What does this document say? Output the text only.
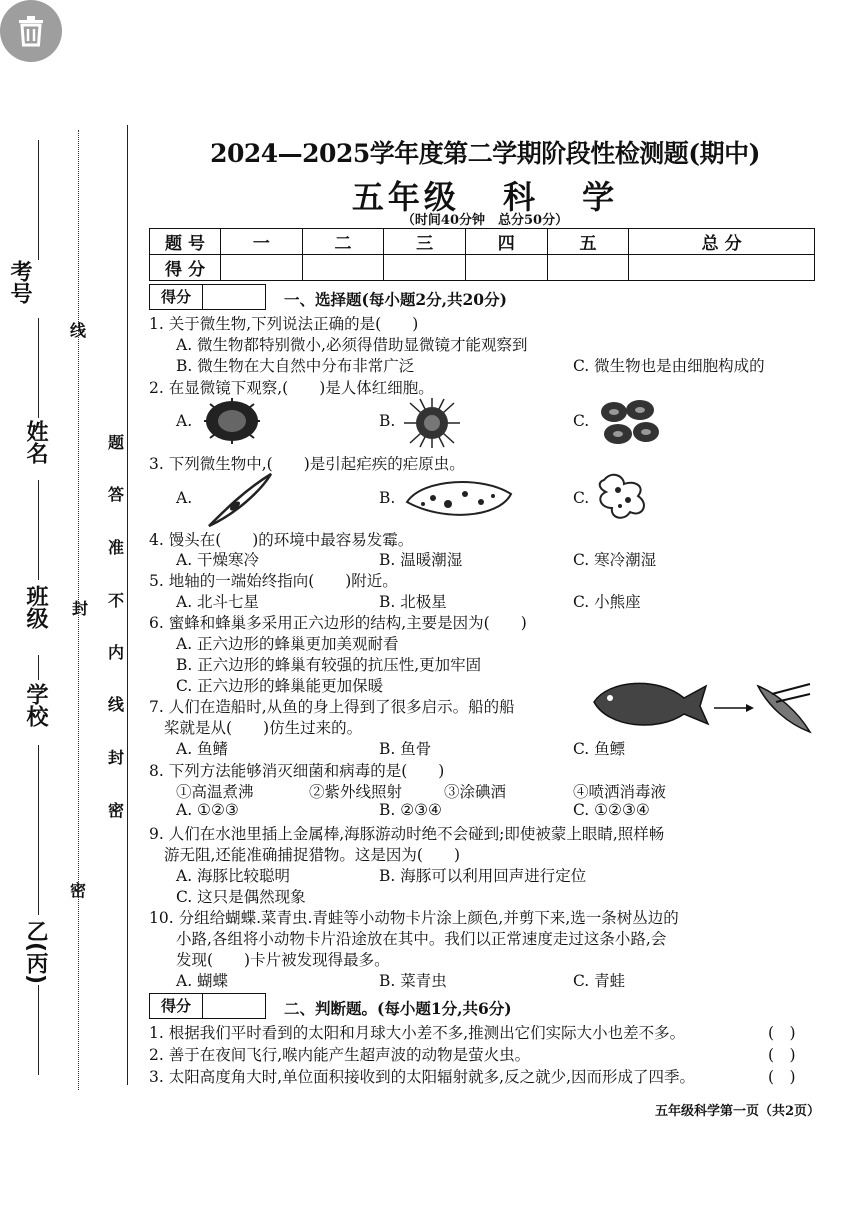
考号
姓名
班级
学校
乙(丙)
线
封
密
题
答
准
不
内
线
封
密
2024—2025学年度第二学期阶段性检测题(期中)
五年级 科 学
（时间40分钟　总分50分）
题 号	一	二	三	四	五	总 分
得 分						
得分	一、选择题(每小题2分,共20分)
1. 关于微生物,下列说法正确的是(　　)
A. 微生物都特别微小,必须得借助显微镜才能观察到
B. 微生物在大自然中分布非常广泛	C. 微生物也是由细胞构成的
2. 在显微镜下观察,(　　)是人体红细胞。
A.	B.	C.
3. 下列微生物中,(　　)是引起疟疾的疟原虫。
A.	B.	C.
4. 馒头在(　　)的环境中最容易发霉。
A. 干燥寒冷	B. 温暖潮湿	C. 寒冷潮湿
5. 地轴的一端始终指向(　　)附近。
A. 北斗七星	B. 北极星	C. 小熊座
6. 蜜蜂和蜂巢多采用正六边形的结构,主要是因为(　　)
A. 正六边形的蜂巢更加美观耐看
B. 正六边形的蜂巢有较强的抗压性,更加牢固
C. 正六边形的蜂巢能更加保暖
7. 人们在造船时,从鱼的身上得到了很多启示。船的船
桨就是从(　　)仿生过来的。
A. 鱼鳍	B. 鱼骨	C. 鱼鳔
8. 下列方法能够消灭细菌和病毒的是(　　)
①高温煮沸	②紫外线照射	③涂碘酒	④喷洒消毒液
A. ①②③	B. ②③④	C. ①②③④
9. 人们在水池里插上金属棒,海豚游动时绝不会碰到;即使被蒙上眼睛,照样畅
游无阻,还能准确捕捉猎物。这是因为(　　)
A. 海豚比较聪明	B. 海豚可以利用回声进行定位
C. 这只是偶然现象
10. 分组给蝴蝶.菜青虫.青蛙等小动物卡片涂上颜色,并剪下来,选一条树丛边的
小路,各组将小动物卡片沿途放在其中。我们以正常速度走过这条小路,会
发现(　　)卡片被发现得最多。
A. 蝴蝶	B. 菜青虫	C. 青蛙
得分	二、判断题。(每小题1分,共6分)
1. 根据我们平时看到的太阳和月球大小差不多,推测出它们实际大小也差不多。	(　)
2. 善于在夜间飞行,喉内能产生超声波的动物是萤火虫。	(　)
3. 太阳高度角大时,单位面积接收到的太阳辐射就多,反之就少,因而形成了四季。	(　)
五年级科学第一页（共2页）
